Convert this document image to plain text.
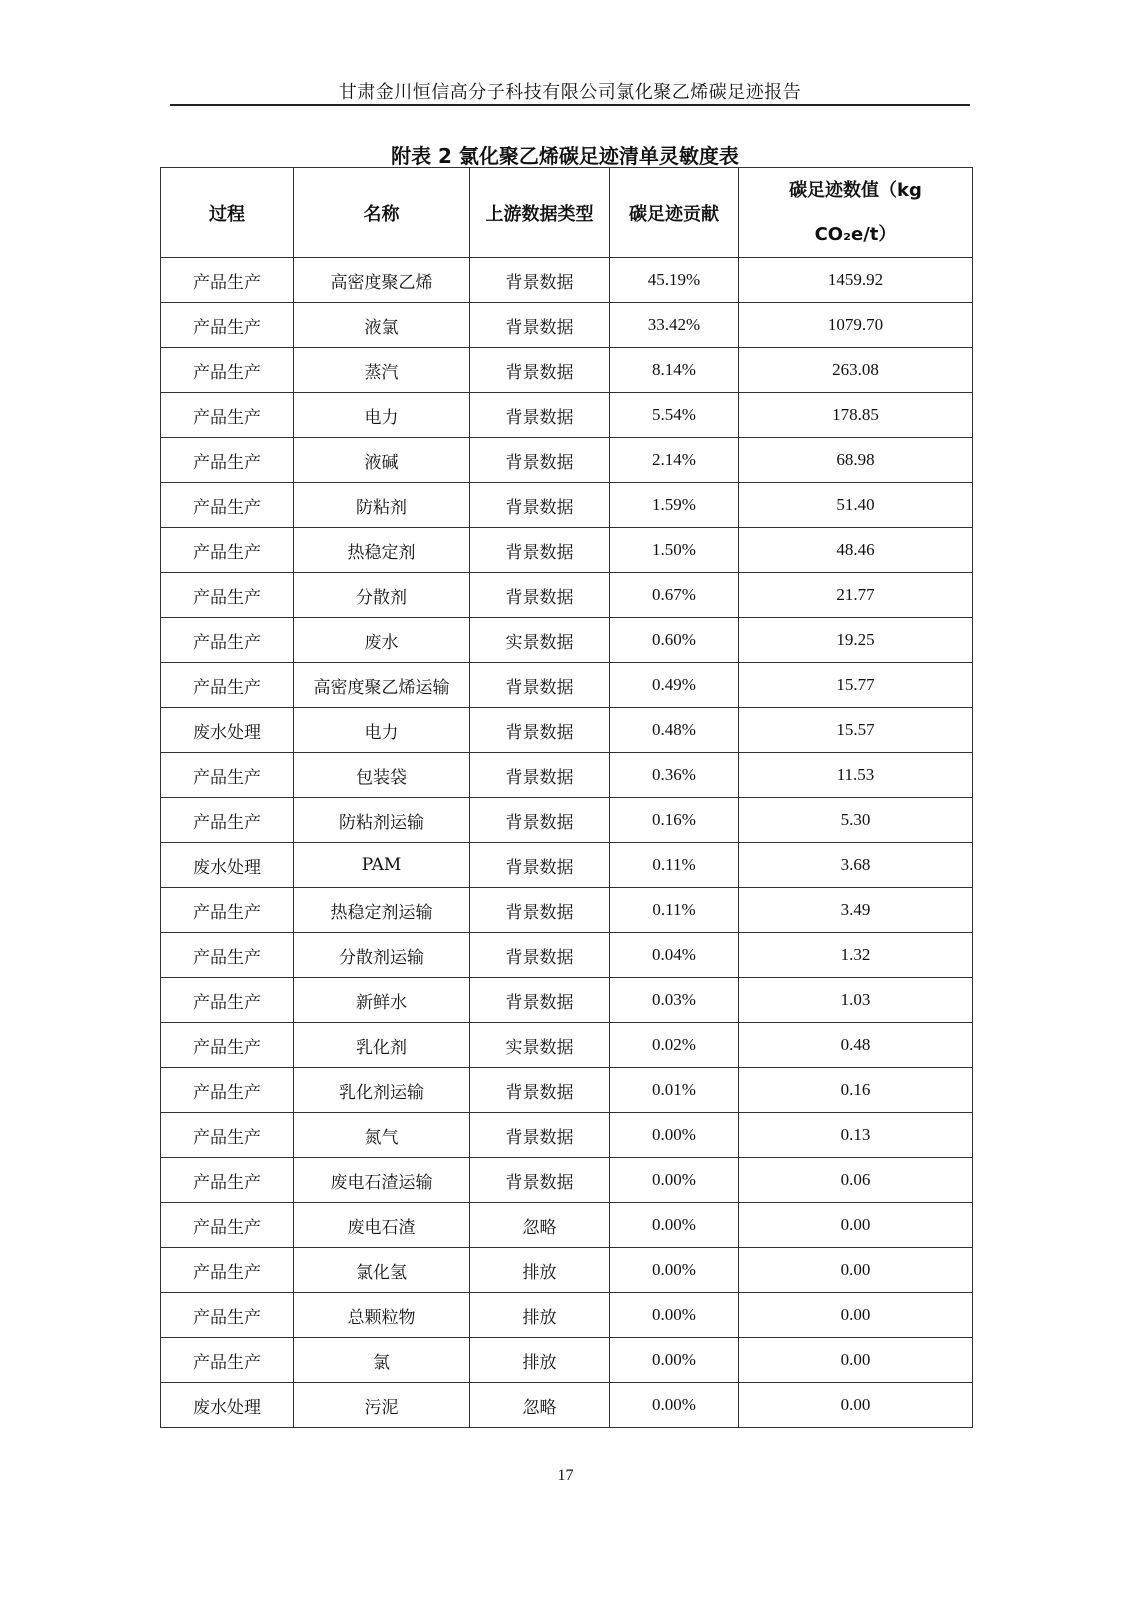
甘肃金川恒信高分子科技有限公司氯化聚乙烯碳足迹报告
附表 2 氯化聚乙烯碳足迹清单灵敏度表
过程	名称	上游数据类型	碳足迹贡献	碳足迹数值（kg
CO₂e/t）

产品生产	高密度聚乙烯	背景数据	45.19%	1459.92
产品生产	液氯	背景数据	33.42%	1079.70
产品生产	蒸汽	背景数据	8.14%	263.08
产品生产	电力	背景数据	5.54%	178.85
产品生产	液碱	背景数据	2.14%	68.98
产品生产	防粘剂	背景数据	1.59%	51.40
产品生产	热稳定剂	背景数据	1.50%	48.46
产品生产	分散剂	背景数据	0.67%	21.77
产品生产	废水	实景数据	0.60%	19.25
产品生产	高密度聚乙烯运输	背景数据	0.49%	15.77
废水处理	电力	背景数据	0.48%	15.57
产品生产	包装袋	背景数据	0.36%	11.53
产品生产	防粘剂运输	背景数据	0.16%	5.30
废水处理	PAM	背景数据	0.11%	3.68
产品生产	热稳定剂运输	背景数据	0.11%	3.49
产品生产	分散剂运输	背景数据	0.04%	1.32
产品生产	新鲜水	背景数据	0.03%	1.03
产品生产	乳化剂	实景数据	0.02%	0.48
产品生产	乳化剂运输	背景数据	0.01%	0.16
产品生产	氮气	背景数据	0.00%	0.13
产品生产	废电石渣运输	背景数据	0.00%	0.06
产品生产	废电石渣	忽略	0.00%	0.00
产品生产	氯化氢	排放	0.00%	0.00
产品生产	总颗粒物	排放	0.00%	0.00
产品生产	氯	排放	0.00%	0.00
废水处理	污泥	忽略	0.00%	0.00
17
